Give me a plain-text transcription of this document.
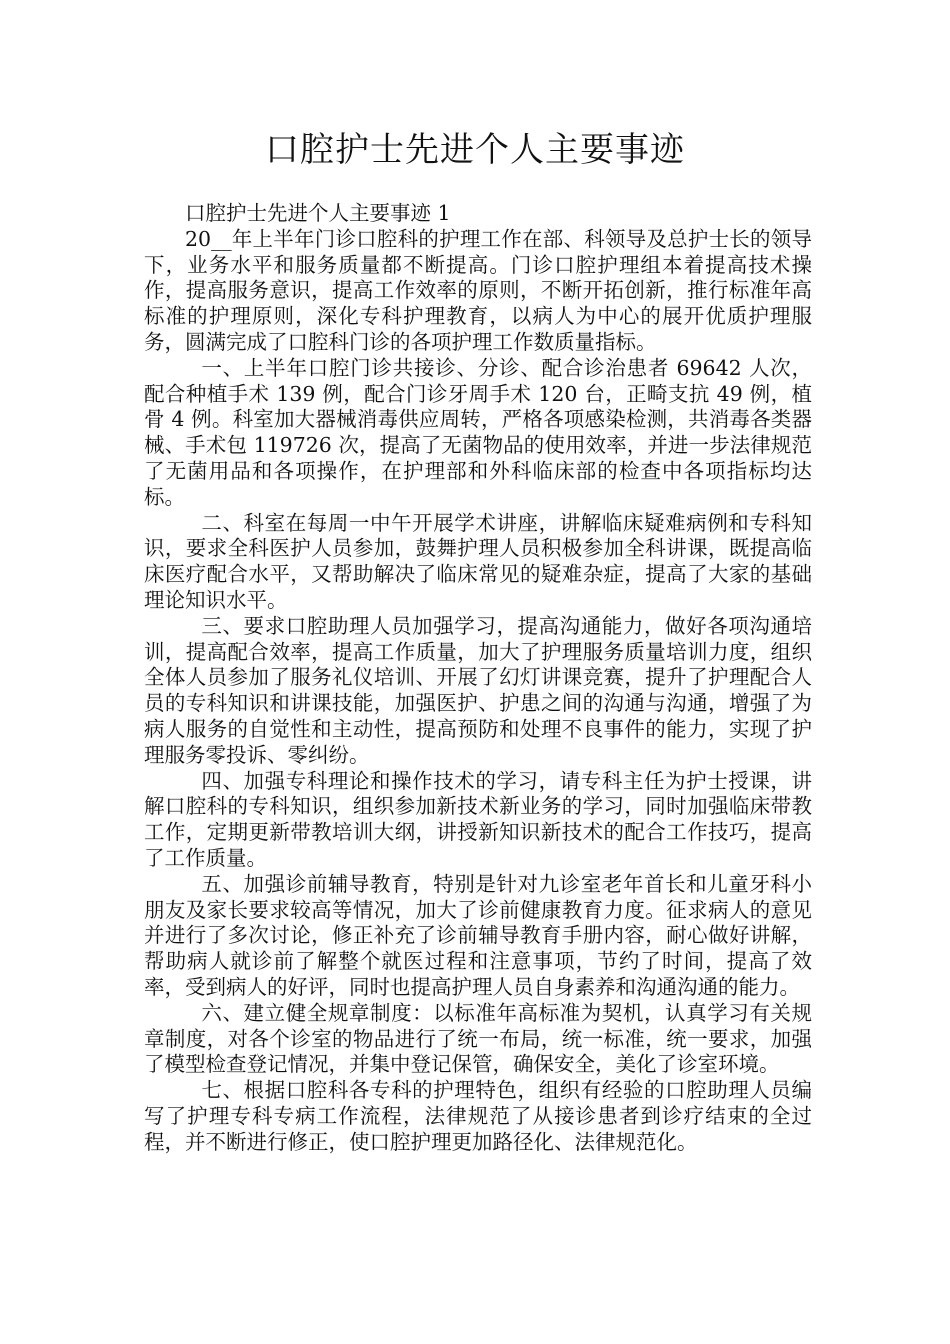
口腔护士先进个人主要事迹

口腔护士先进个人主要事迹 1

20__年上半年门诊口腔科的护理工作在部、科领导及总护士长的领导下，业务水平和服务质量都不断提高。门诊口腔护理组本着提高技术操作，提高服务意识，提高工作效率的原则，不断开拓创新，推行标准年高标准的护理原则，深化专科护理教育，以病人为中心的展开优质护理服务，圆满完成了口腔科门诊的各项护理工作数质量指标。

一、上半年口腔门诊共接诊、分诊、配合诊治患者 69642 人次，配合种植手术 139 例，配合门诊牙周手术 120 台，正畸支抗 49 例，植骨 4 例。科室加大器械消毒供应周转，严格各项感染检测，共消毒各类器械、手术包 119726 次，提高了无菌物品的使用效率，并进一步法律规范了无菌用品和各项操作，在护理部和外科临床部的检查中各项指标均达标。

二、科室在每周一中午开展学术讲座，讲解临床疑难病例和专科知识，要求全科医护人员参加，鼓舞护理人员积极参加全科讲课，既提高临床医疗配合水平，又帮助解决了临床常见的疑难杂症，提高了大家的基础理论知识水平。

三、要求口腔助理人员加强学习，提高沟通能力，做好各项沟通培训，提高配合效率，提高工作质量，加大了护理服务质量培训力度，组织全体人员参加了服务礼仪培训、开展了幻灯讲课竞赛，提升了护理配合人员的专科知识和讲课技能，加强医护、护患之间的沟通与沟通，增强了为病人服务的自觉性和主动性，提高预防和处理不良事件的能力，实现了护理服务零投诉、零纠纷。

四、加强专科理论和操作技术的学习，请专科主任为护士授课，讲解口腔科的专科知识，组织参加新技术新业务的学习，同时加强临床带教工作，定期更新带教培训大纲，讲授新知识新技术的配合工作技巧，提高了工作质量。

五、加强诊前辅导教育，特别是针对九诊室老年首长和儿童牙科小朋友及家长要求较高等情况，加大了诊前健康教育力度。征求病人的意见并进行了多次讨论，修正补充了诊前辅导教育手册内容，耐心做好讲解，帮助病人就诊前了解整个就医过程和注意事项，节约了时间，提高了效率，受到病人的好评，同时也提高护理人员自身素养和沟通沟通的能力。

六、建立健全规章制度：以标准年高标准为契机，认真学习有关规章制度，对各个诊室的物品进行了统一布局，统一标准，统一要求，加强了模型检查登记情况，并集中登记保管，确保安全，美化了诊室环境。

七、根据口腔科各专科的护理特色，组织有经验的口腔助理人员编写了护理专科专病工作流程，法律规范了从接诊患者到诊疗结束的全过程，并不断进行修正，使口腔护理更加路径化、法律规范化。
